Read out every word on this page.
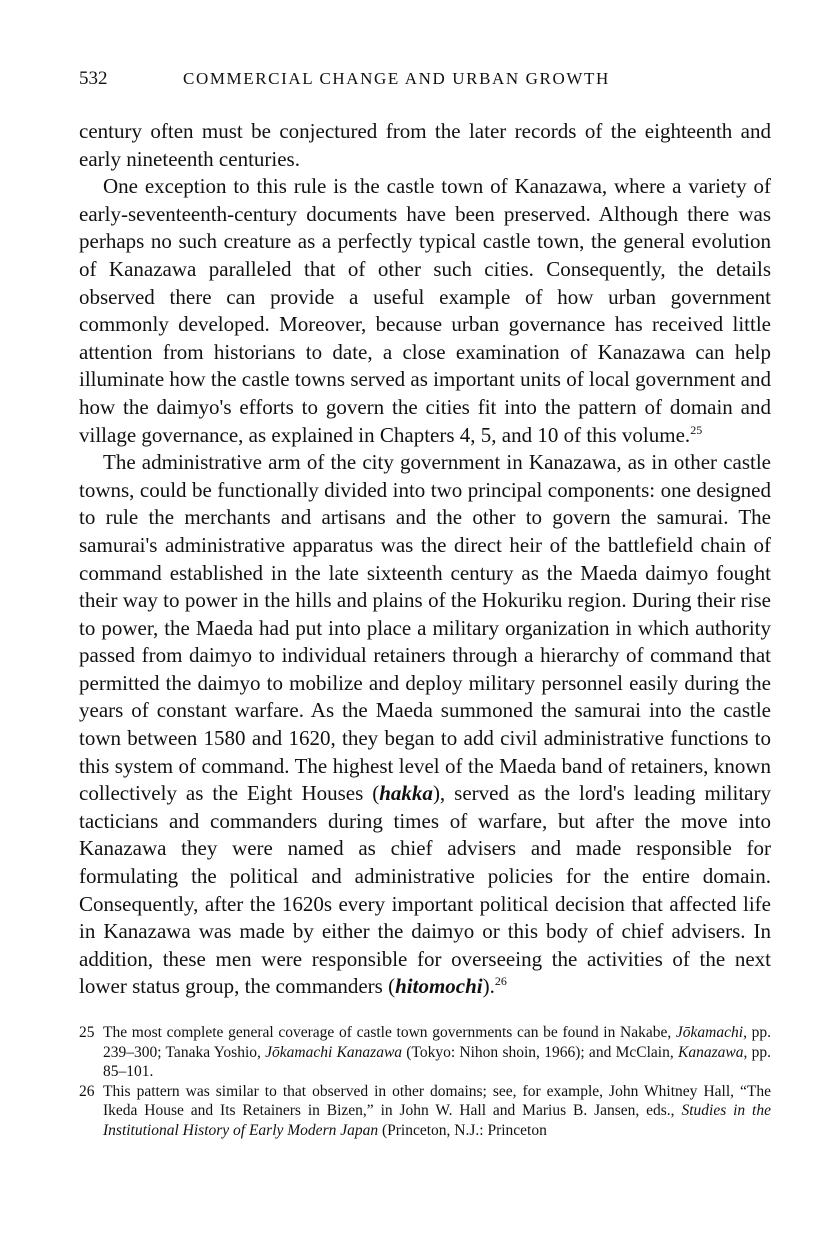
532	COMMERCIAL CHANGE AND URBAN GROWTH

century often must be conjectured from the later records of the eighteenth and early nineteenth centuries.

One exception to this rule is the castle town of Kanazawa, where a variety of early-seventeenth-century documents have been preserved. Although there was perhaps no such creature as a perfectly typical castle town, the general evolution of Kanazawa paralleled that of other such cities. Consequently, the details observed there can provide a useful example of how urban government commonly developed. Moreover, because urban governance has received little attention from historians to date, a close examination of Kanazawa can help illuminate how the castle towns served as important units of local government and how the daimyo's efforts to govern the cities fit into the pattern of domain and village governance, as explained in Chapters 4, 5, and 10 of this volume.$^{25}$

The administrative arm of the city government in Kanazawa, as in other castle towns, could be functionally divided into two principal components: one designed to rule the merchants and artisans and the other to govern the samurai. The samurai's administrative apparatus was the direct heir of the battlefield chain of command established in the late sixteenth century as the Maeda daimyo fought their way to power in the hills and plains of the Hokuriku region. During their rise to power, the Maeda had put into place a military organization in which authority passed from daimyo to individual retainers through a hierarchy of command that permitted the daimyo to mobilize and deploy military personnel easily during the years of constant warfare. As the Maeda summoned the samurai into the castle town between 1580 and 1620, they began to add civil administrative functions to this system of command. The highest level of the Maeda band of retainers, known collectively as the Eight Houses (hakka), served as the lord's leading military tacticians and commanders during times of warfare, but after the move into Kanazawa they were named as chief advisers and made responsible for formulating the political and administrative policies for the entire domain. Consequently, after the 1620s every important political decision that affected life in Kanazawa was made by either the daimyo or this body of chief advisers. In addition, these men were responsible for overseeing the activities of the next lower status group, the commanders (hitomochi).$^{26}$

25 The most complete general coverage of castle town governments can be found in Nakabe, Jōkamachi, pp. 239–300; Tanaka Yoshio, Jōkamachi Kanazawa (Tokyo: Nihon shoin, 1966); and McClain, Kanazawa, pp. 85–101.
26 This pattern was similar to that observed in other domains; see, for example, John Whitney Hall, “The Ikeda House and Its Retainers in Bizen,” in John W. Hall and Marius B. Jansen, eds., Studies in the Institutional History of Early Modern Japan (Princeton, N.J.: Princeton
